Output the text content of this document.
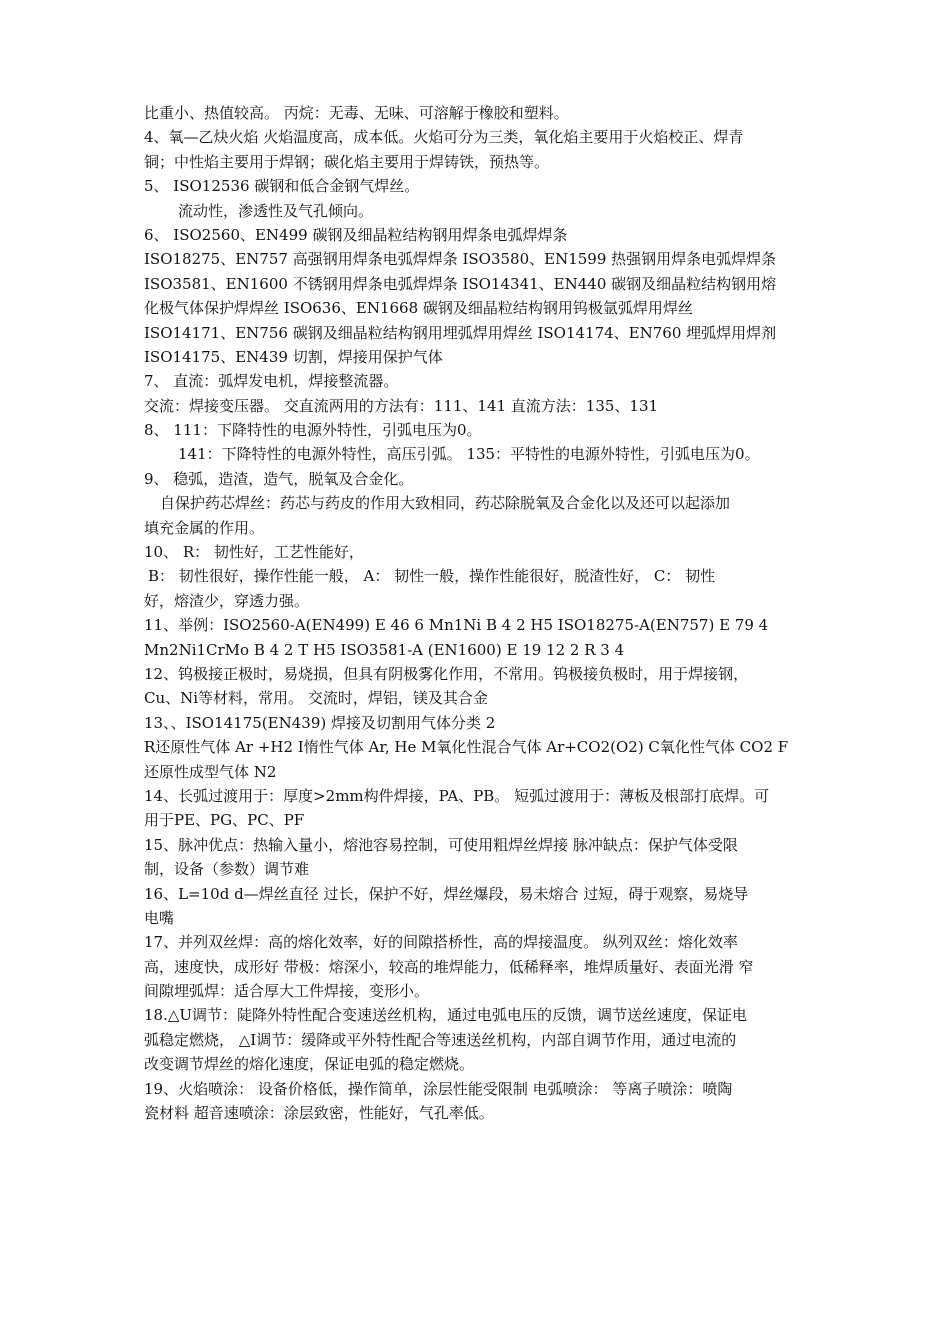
比重小、热值较高。 丙烷：无毒、无味、可溶解于橡胶和塑料。
4、氧—乙炔火焰 火焰温度高，成本低。火焰可分为三类，氧化焰主要用于火焰校正、焊青
铜；中性焰主要用于焊钢；碳化焰主要用于焊铸铁，预热等。
5、 ISO12536 碳钢和低合金钢气焊丝。
流动性，渗透性及气孔倾向。
6、 ISO2560、EN499 碳钢及细晶粒结构钢用焊条电弧焊焊条
ISO18275、EN757 高强钢用焊条电弧焊焊条 ISO3580、EN1599 热强钢用焊条电弧焊焊条
ISO3581、EN1600 不锈钢用焊条电弧焊焊条 ISO14341、EN440 碳钢及细晶粒结构钢用熔
化极气体保护焊焊丝 ISO636、EN1668 碳钢及细晶粒结构钢用钨极氩弧焊用焊丝
ISO14171、EN756 碳钢及细晶粒结构钢用埋弧焊用焊丝 ISO14174、EN760 埋弧焊用焊剂
ISO14175、EN439 切割，焊接用保护气体
7、 直流：弧焊发电机，焊接整流器。
交流：焊接变压器。 交直流两用的方法有：111、141 直流方法：135、131
8、 111：下降特性的电源外特性，引弧电压为0。
141：下降特性的电源外特性，高压引弧。 135：平特性的电源外特性，引弧电压为0。
9、 稳弧，造渣，造气，脱氧及合金化。
自保护药芯焊丝：药芯与药皮的作用大致相同，药芯除脱氧及合金化以及还可以起添加
填充金属的作用。
10、 R： 韧性好，工艺性能好，
B： 韧性很好，操作性能一般， A： 韧性一般，操作性能很好，脱渣性好， C： 韧性
好，熔渣少，穿透力强。
11、举例：ISO2560-A(EN499) E 46 6 Mn1Ni B 4 2 H5 ISO18275-A(EN757) E 79 4
Mn2Ni1CrMo B 4 2 T H5 ISO3581-A (EN1600) E 19 12 2 R 3 4
12、钨极接正极时，易烧损，但具有阴极雾化作用，不常用。钨极接负极时，用于焊接钢，
Cu、Ni等材料，常用。 交流时，焊铝，镁及其合金
13、、ISO14175(EN439) 焊接及切割用气体分类 2
R还原性气体 Ar +H2 I惰性气体 Ar, He M氧化性混合气体 Ar+CO2(O2) C氧化性气体 CO2 F
还原性成型气体 N2
14、长弧过渡用于：厚度>2mm构件焊接，PA、PB。 短弧过渡用于：薄板及根部打底焊。可
用于PE、PG、PC、PF
15、脉冲优点：热输入量小，熔池容易控制，可使用粗焊丝焊接 脉冲缺点：保护气体受限
制，设备（参数）调节难
16、L=10d d—焊丝直径 过长，保护不好，焊丝爆段，易未熔合 过短，碍于观察，易烧导
电嘴
17、并列双丝焊：高的熔化效率，好的间隙搭桥性，高的焊接温度。 纵列双丝：熔化效率
高，速度快，成形好 带极：熔深小，较高的堆焊能力，低稀释率，堆焊质量好、表面光滑 窄
间隙埋弧焊：适合厚大工件焊接，变形小。
18.△U调节：陡降外特性配合变速送丝机构，通过电弧电压的反馈，调节送丝速度，保证电
弧稳定燃烧， △I调节：缓降或平外特性配合等速送丝机构，内部自调节作用，通过电流的
改变调节焊丝的熔化速度，保证电弧的稳定燃烧。
19、火焰喷涂： 设备价格低，操作简单，涂层性能受限制 电弧喷涂： 等离子喷涂：喷陶
瓷材料 超音速喷涂：涂层致密，性能好，气孔率低。
